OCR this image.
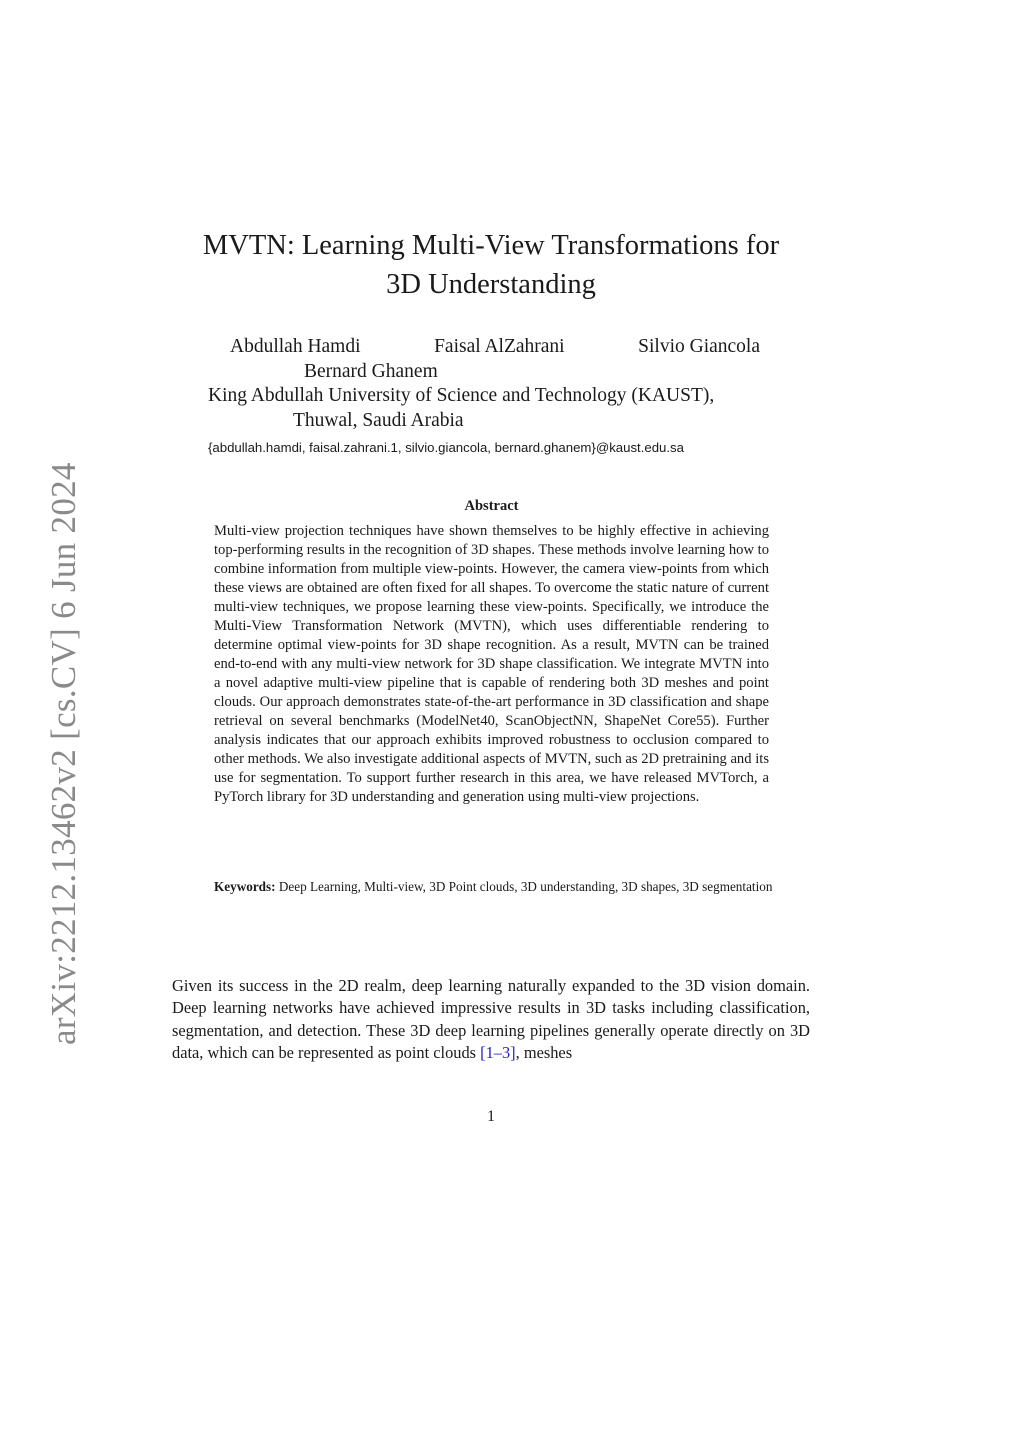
arXiv:2212.13462v2 [cs.CV] 6 Jun 2024
MVTN: Learning Multi-View Transformations for
3D Understanding
Abdullah Hamdi	Faisal AlZahrani	Silvio Giancola
Bernard Ghanem
King Abdullah University of Science and Technology (KAUST),
Thuwal, Saudi Arabia
{abdullah.hamdi, faisal.zahrani.1, silvio.giancola, bernard.ghanem}@kaust.edu.sa
Abstract

Multi-view projection techniques have shown themselves to be highly effective in achieving top-performing results in the recognition of 3D shapes. These methods involve learning how to combine information from multiple view-points. However, the camera view-points from which these views are obtained are often fixed for all shapes. To overcome the static nature of current multi-view techniques, we propose learning these view-points. Specifically, we introduce the Multi-View Transformation Network (MVTN), which uses differentiable rendering to determine optimal view-points for 3D shape recognition. As a result, MVTN can be trained end-to-end with any multi-view network for 3D shape classification. We integrate MVTN into a novel adaptive multi-view pipeline that is capable of rendering both 3D meshes and point clouds. Our approach demonstrates state-of-the-art performance in 3D classification and shape retrieval on several benchmarks (ModelNet40, ScanObjectNN, ShapeNet Core55). Further analysis indicates that our approach exhibits improved robustness to occlusion compared to other methods. We also investigate additional aspects of MVTN, such as 2D pretraining and its use for segmentation. To support further research in this area, we have released MVTorch, a PyTorch library for 3D understanding and generation using multi-view projections.

Keywords: Deep Learning, Multi-view, 3D Point clouds, 3D understanding, 3D shapes, 3D segmentation

Given its success in the 2D realm, deep learning naturally expanded to the 3D vision domain. Deep learning networks have achieved impressive results in 3D tasks including classification, segmentation, and detection. These 3D deep learning pipelines generally operate directly on 3D data, which can be represented as point clouds [1–3], meshes

1
